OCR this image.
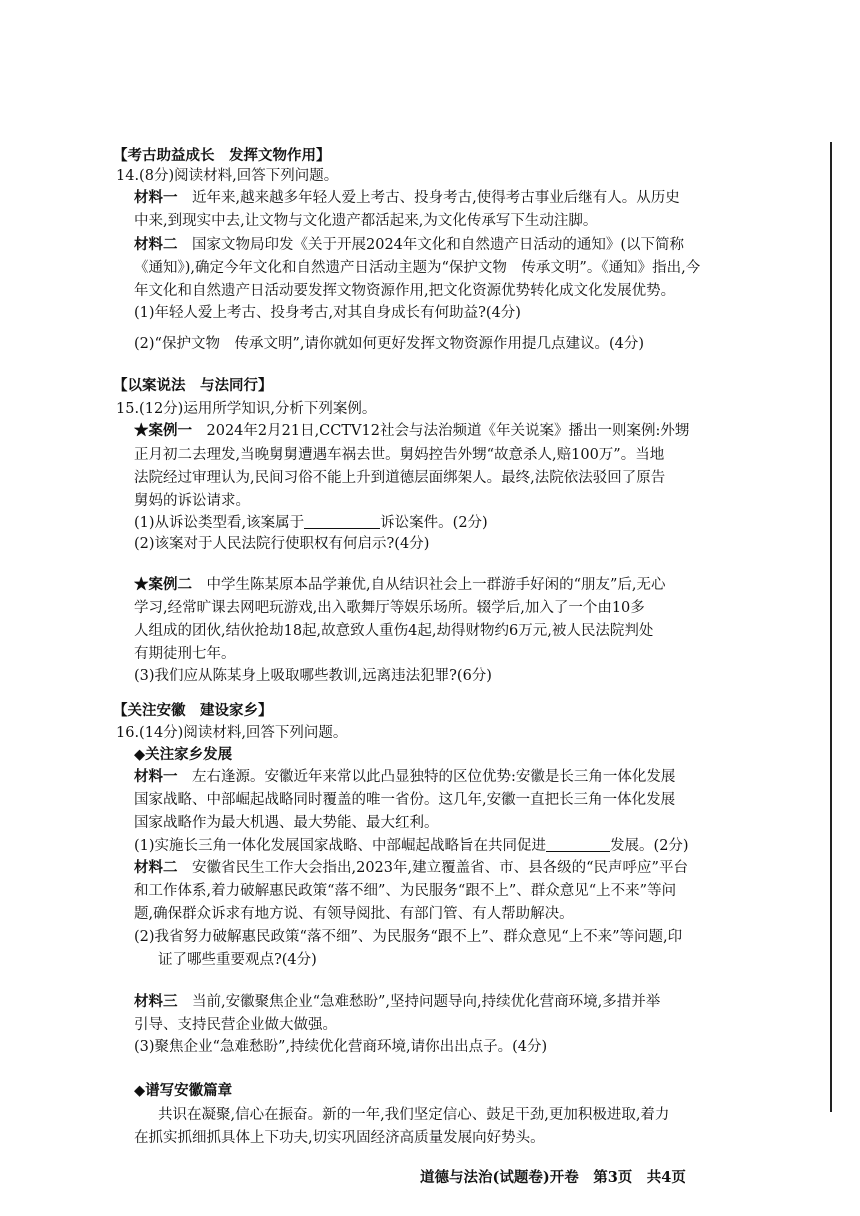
【考古助益成长　发挥文物作用】
14.(8分)阅读材料,回答下列问题。
材料一　近年来,越来越多年轻人爱上考古、投身考古,使得考古事业后继有人。从历史
中来,到现实中去,让文物与文化遗产都活起来,为文化传承写下生动注脚。
材料二　国家文物局印发《关于开展2024年文化和自然遗产日活动的通知》(以下简称
《通知》),确定今年文化和自然遗产日活动主题为“保护文物　传承文明”。《通知》指出,今
年文化和自然遗产日活动要发挥文物资源作用,把文化资源优势转化成文化发展优势。
(1)年轻人爱上考古、投身考古,对其自身成长有何助益?(4分)
(2)“保护文物　传承文明”,请你就如何更好发挥文物资源作用提几点建议。(4分)
【以案说法　与法同行】
15.(12分)运用所学知识,分析下列案例。
★案例一　2024年2月21日,CCTV12社会与法治频道《年关说案》播出一则案例:外甥
正月初二去理发,当晚舅舅遭遇车祸去世。舅妈控告外甥“故意杀人,赔100万”。当地
法院经过审理认为,民间习俗不能上升到道德层面绑架人。最终,法院依法驳回了原告
舅妈的诉讼请求。
(1)从诉讼类型看,该案属于	诉讼案件。(2分)
(2)该案对于人民法院行使职权有何启示?(4分)
★案例二　中学生陈某原本品学兼优,自从结识社会上一群游手好闲的“朋友”后,无心
学习,经常旷课去网吧玩游戏,出入歌舞厅等娱乐场所。辍学后,加入了一个由10多
人组成的团伙,结伙抢劫18起,故意致人重伤4起,劫得财物约6万元,被人民法院判处
有期徒刑七年。
(3)我们应从陈某身上吸取哪些教训,远离违法犯罪?(6分)
【关注安徽　建设家乡】
16.(14分)阅读材料,回答下列问题。
◆关注家乡发展
材料一　左右逢源。安徽近年来常以此凸显独特的区位优势:安徽是长三角一体化发展
国家战略、中部崛起战略同时覆盖的唯一省份。这几年,安徽一直把长三角一体化发展
国家战略作为最大机遇、最大势能、最大红利。
(1)实施长三角一体化发展国家战略、中部崛起战略旨在共同促进	发展。(2分)
材料二　安徽省民生工作大会指出,2023年,建立覆盖省、市、县各级的“民声呼应”平台
和工作体系,着力破解惠民政策“落不细”、为民服务“跟不上”、群众意见“上不来”等问
题,确保群众诉求有地方说、有领导阅批、有部门管、有人帮助解决。
(2)我省努力破解惠民政策“落不细”、为民服务“跟不上”、群众意见“上不来”等问题,印
证了哪些重要观点?(4分)
材料三　当前,安徽聚焦企业“急难愁盼”,坚持问题导向,持续优化营商环境,多措并举
引导、支持民营企业做大做强。
(3)聚焦企业“急难愁盼”,持续优化营商环境,请你出出点子。(4分)
◆谱写安徽篇章
共识在凝聚,信心在振奋。新的一年,我们坚定信心、鼓足干劲,更加积极进取,着力
在抓实抓细抓具体上下功夫,切实巩固经济高质量发展向好势头。
道德与法治(试题卷)开卷　第3页　共4页
